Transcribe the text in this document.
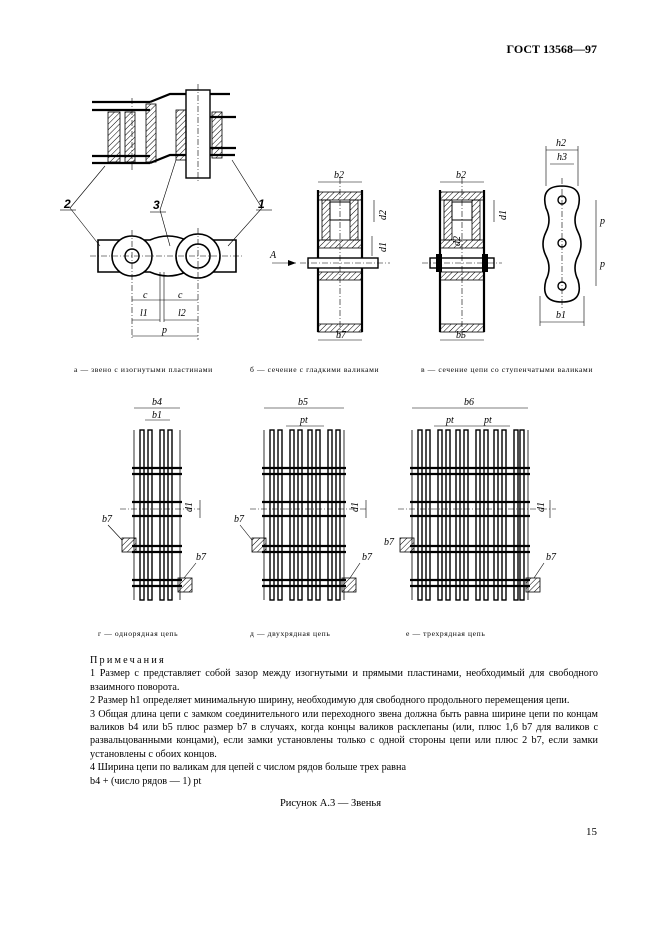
ГОСТ 13568—97
2	3	1
c	c
l1	l2
p
b2
d2
d1
b7
A
b2
d2
d1
b5
h2
h3
p
p
b1
b4
b1
d1
b7
b7
b5
pt
d1
b7
b7
b6
pt	pt
d1
b7
b7
а — звено с изогнутыми пластинами	б — сечение с гладкими валиками	в — сечение цепи со ступенчатыми валиками
г — однорядная цепь	д — двухрядная цепь	е — трехрядная цепь

Примечания

1 Размер c представляет собой зазор между изогнутыми и прямыми пластинами, необходимый для свободного взаимного поворота.

2 Размер h1 определяет минимальную ширину, необходимую для свободного продольного перемещения цепи.

3 Общая длина цепи с замком соединительного или переходного звена должна быть равна ширине цепи по концам валиков b4 или b5 плюс размер b7 в случаях, когда концы валиков расклепаны (или, плюс 1,6 b7 для валиков с развальцованными концами), если замки установлены только с одной стороны цепи или плюс 2 b7, если замки установлены с обоих концов.

4 Ширина цепи по валикам для цепей с числом рядов больше трех равна

b4 + (число рядов — 1) pt

Рисунок А.3 — Звенья
15
